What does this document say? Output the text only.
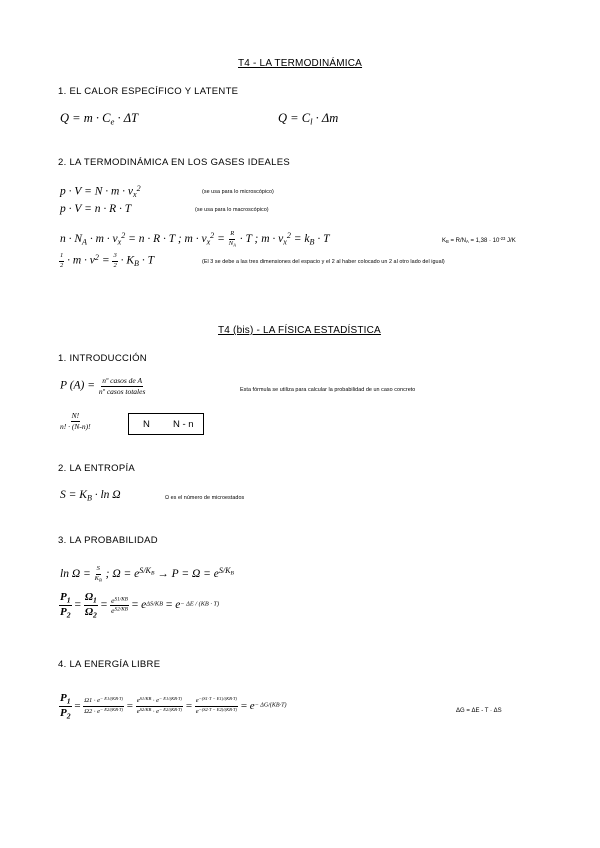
T4 - LA TERMODINÁMICA
1. EL CALOR ESPECÍFICO Y LATENTE
$Q = m \cdot C_e \cdot \Delta T$	$Q = C_l \cdot \Delta m$
2. LA TERMODINÁMICA EN LOS GASES IDEALES
$p \cdot V = N \cdot m \cdot v_x^2$	(se usa para lo microscópico)
p · V = n · R · T	(se usa para lo macroscópico)
$n \cdot N_A \cdot m \cdot v_x^2 = n \cdot R \cdot T$ ; $m \cdot v_x^2 = \frac{R}{N_A} \cdot T$ ; $m \cdot v_x^2 = k_B \cdot T$	$K_B = R/N_A = 1,38 \cdot 10^{-23}$ J/K
$\frac{1}{2} \cdot m \cdot v^2 = \frac{3}{2} \cdot K_B \cdot T$	(El 3 se debe a las tres dimensiones del espacio y el 2 al haber colocado un 2 al otro lado del igual)
T4 (bis) - LA FÍSICA ESTADÍSTICA
1. INTRODUCCIÓN
P $(A) = \frac{\text{nº casos de A}}{\text{nº casos totales}}$	Esta fórmula se utiliza para calcular la probabilidad de un caso concreto
$\frac{N!}{n! \cdot (N-n)!}$	N N - n
2. LA ENTROPÍA
$S = K_B \cdot \ln \Omega$	Ω es el número de microestados
3. LA PROBABILIDAD
$\ln \Omega = \frac{S}{K_B}$ ; $\Omega = e^{S/K_B} \to P = \Omega = e^{S/K_B}$
$\frac{P_1}{P_2} = \frac{\Omega_1}{\Omega_2} = \frac{e^{S1/KB}}{e^{S2/KB}} = e^{\Delta S/KB} = e^{- \Delta E / (KB \cdot T)}$
4. LA ENERGÍA LIBRE
$\frac{P_1}{P_2} = \frac{\Omega 1 \cdot e^{- E1/(KB\cdot T)}}{\Omega 2 \cdot e^{- E2/(KB\cdot T)}} = \frac{e^{S1/KB} \cdot e^{- E1/(KB\cdot T)}}{e^{S2/KB} \cdot e^{- E2/(KB\cdot T)}} = \frac{e^{-(S1\cdot T - E1)/(KB\cdot T)}}{e^{-(S2\cdot T - E2)/(KB\cdot T)}} = e^{- \Delta G/(KB\cdot T)}$
ΔG = ΔE - T · ΔS
